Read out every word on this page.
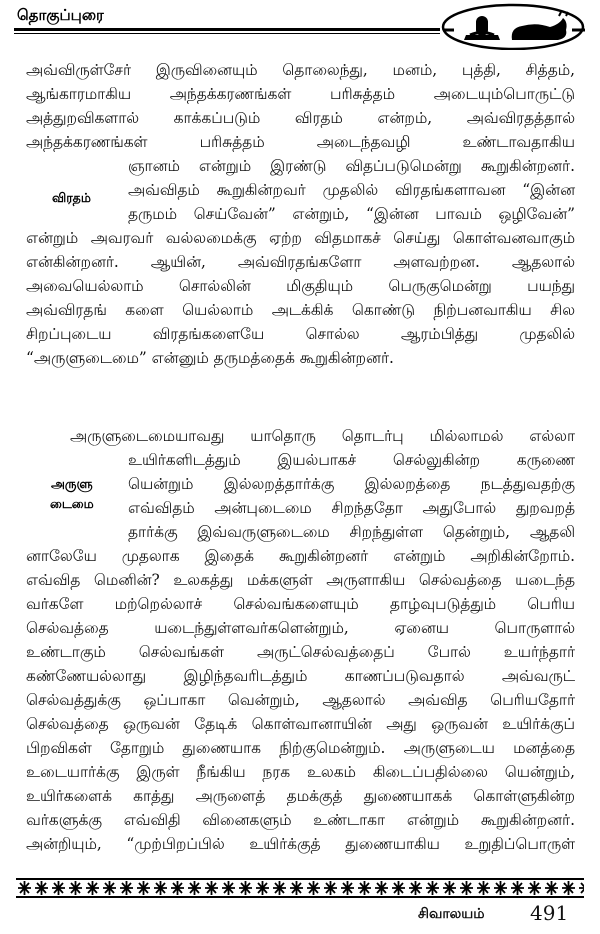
தொகுப்புரை
விரதம்
அருளு
டைமை
அவ்விருள்சேர் இருவினையும் தொலைந்து, மனம், புத்தி, சித்தம்,
ஆங்காரமாகிய அந்தக்கரணங்கள் பரிசுத்தம் அடையும்பொருட்டு
அத்துறவிகளால் காக்கப்படும் விரதம் என்றம், அவ்விரதத்தால்
அந்தக்கரணங்கள் பரிசுத்தம் அடைந்தவழி உண்டாவதாகிய
ஞானம் என்றும் இரண்டு விதப்படுமென்று கூறுகின்றனர்.
அவ்விதம் கூறுகின்றவர் முதலில் விரதங்களாவன “இன்ன
தருமம் செய்வேன்” என்றும், “இன்ன பாவம் ஒழிவேன்”
என்றும் அவரவர் வல்லமைக்கு ஏற்ற விதமாகச் செய்து கொள்வனவாகும்
என்கின்றனர். ஆயின், அவ்விரதங்களோ அளவற்றன. ஆதலால்
அவையெல்லாம் சொல்லின் மிகுதியும் பெருகுமென்று பயந்து
அவ்விரதங் களை யெல்லாம் அடக்கிக் கொண்டு நிற்பனவாகிய சில
சிறப்புடைய விரதங்களையே சொல்ல ஆரம்பித்து முதலில்
“அருளுடைமை” என்னும் தருமத்தைக் கூறுகின்றனர்.
அருளுடைமையாவது யாதொரு தொடர்பு மில்லாமல் எல்லா
உயிர்களிடத்தும் இயல்பாகச் செல்லுகின்ற கருணை
யென்றும் இல்லறத்தார்க்கு இல்லறத்தை நடத்துவதற்கு
எவ்விதம் அன்புடைமை சிறந்ததோ அதுபோல் துறவறத்
தார்க்கு இவ்வருளுடைமை சிறந்துள்ள தென்றும், ஆதலி
னாலேயே முதலாக இதைக் கூறுகின்றனர் என்றும் அறிகின்றோம்.
எவ்வித மெனின்? உலகத்து மக்களுள் அருளாகிய செல்வத்தை யடைந்த
வர்களே மற்றெல்லாச் செல்வங்களையும் தாழ்வுபடுத்தும் பெரிய
செல்வத்தை யடைந்துள்ளவர்களென்றும், ஏனைய பொருளால்
உண்டாகும் செல்வங்கள் அருட்செல்வத்தைப் போல் உயர்ந்தார்
கண்ணேயல்லாது இழிந்தவரிடத்தும் காணப்படுவதால் அவ்வருட்
செல்வத்துக்கு ஒப்பாகா வென்றும், ஆதலால் அவ்வித பெரியதோர்
செல்வத்தை ஒருவன் தேடிக் கொள்வானாயின் அது ஒருவன் உயிர்க்குப்
பிறவிகள் தோறும் துணையாக நிற்குமென்றும். அருளுடைய மனத்தை
உடையார்க்கு இருள் நீங்கிய நரக உலகம் கிடைப்பதில்லை யென்றும்,
உயிர்களைக் காத்து அருளைத் தமக்குத் துணையாகக் கொள்ளுகின்ற
வர்களுக்கு எவ்விதி வினைகளும் உண்டாகா என்றும் கூறுகின்றனர்.
அன்றியும், “முற்பிறப்பில் உயிர்க்குத் துணையாகிய உறுதிப்பொருள்
சிவாலயம் 491
